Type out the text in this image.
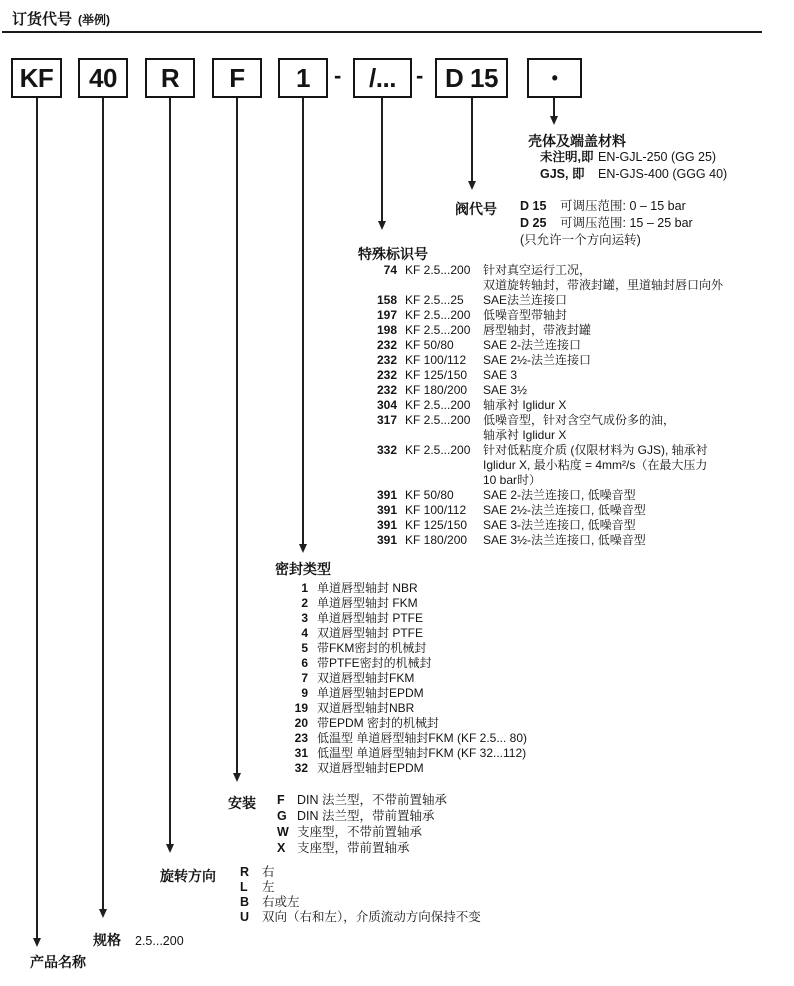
订货代号 (举例)
KF	40	R	F	1	-	/... - D 15	•
壳体及端盖材料
未注明,即 EN-GJL-250 (GG 25)
GJS, 即	EN-GJS-400 (GGG 40)
阀代号 D 15	可调压范围: 0 – 15 bar
D 25	可调压范围: 15 – 25 bar
(只允许一个方向运转)
特殊标识号
74 KF 2.5...200	针对真空运行工况，
双道旋转轴封，带液封罐，里道轴封唇口向外
158 KF 2.5...25	SAE法兰连接口
197 KF 2.5...200	低噪音型带轴封
198 KF 2.5...200	唇型轴封，带液封罐
232 KF 50/80	SAE 2-法兰连接口
232 KF 100/112	SAE 2½-法兰连接口
232 KF 125/150	SAE 3
232 KF 180/200	SAE 3½
304 KF 2.5...200	轴承衬 Iglidur X
317 KF 2.5...200	低噪音型，针对含空气成份多的油，
轴承衬 Iglidur X
332 KF 2.5...200	针对低粘度介质 (仅限材料为 GJS), 轴承衬
Iglidur X, 最小粘度 = 4mm²/s（在最大压力
10 bar时）
391 KF 50/80	SAE 2-法兰连接口, 低噪音型
391 KF 100/112	SAE 2½-法兰连接口, 低噪音型
391 KF 125/150	SAE 3-法兰连接口, 低噪音型
391 KF 180/200	SAE 3½-法兰连接口, 低噪音型
密封类型
1 单道唇型轴封 NBR
2 单道唇型轴封 FKM
3 单道唇型轴封 PTFE
4 双道唇型轴封 PTFE
5 带FKM密封的机械封
6 带PTFE密封的机械封
7 双道唇型轴封FKM
9 单道唇型轴封EPDM
19 双道唇型轴封NBR
20 带EPDM 密封的机械封
23 低温型 单道唇型轴封FKM (KF 2.5... 80)
31 低温型 单道唇型轴封FKM (KF 32...112)
32 双道唇型轴封EPDM
安装 F DIN 法兰型，不带前置轴承
G DIN 法兰型，带前置轴承
W 支座型，不带前置轴承
X 支座型，带前置轴承
旋转方向 R	右
L	左
B	右或左
U	双向（右和左），介质流动方向保持不变
规格 2.5...200
产品名称
